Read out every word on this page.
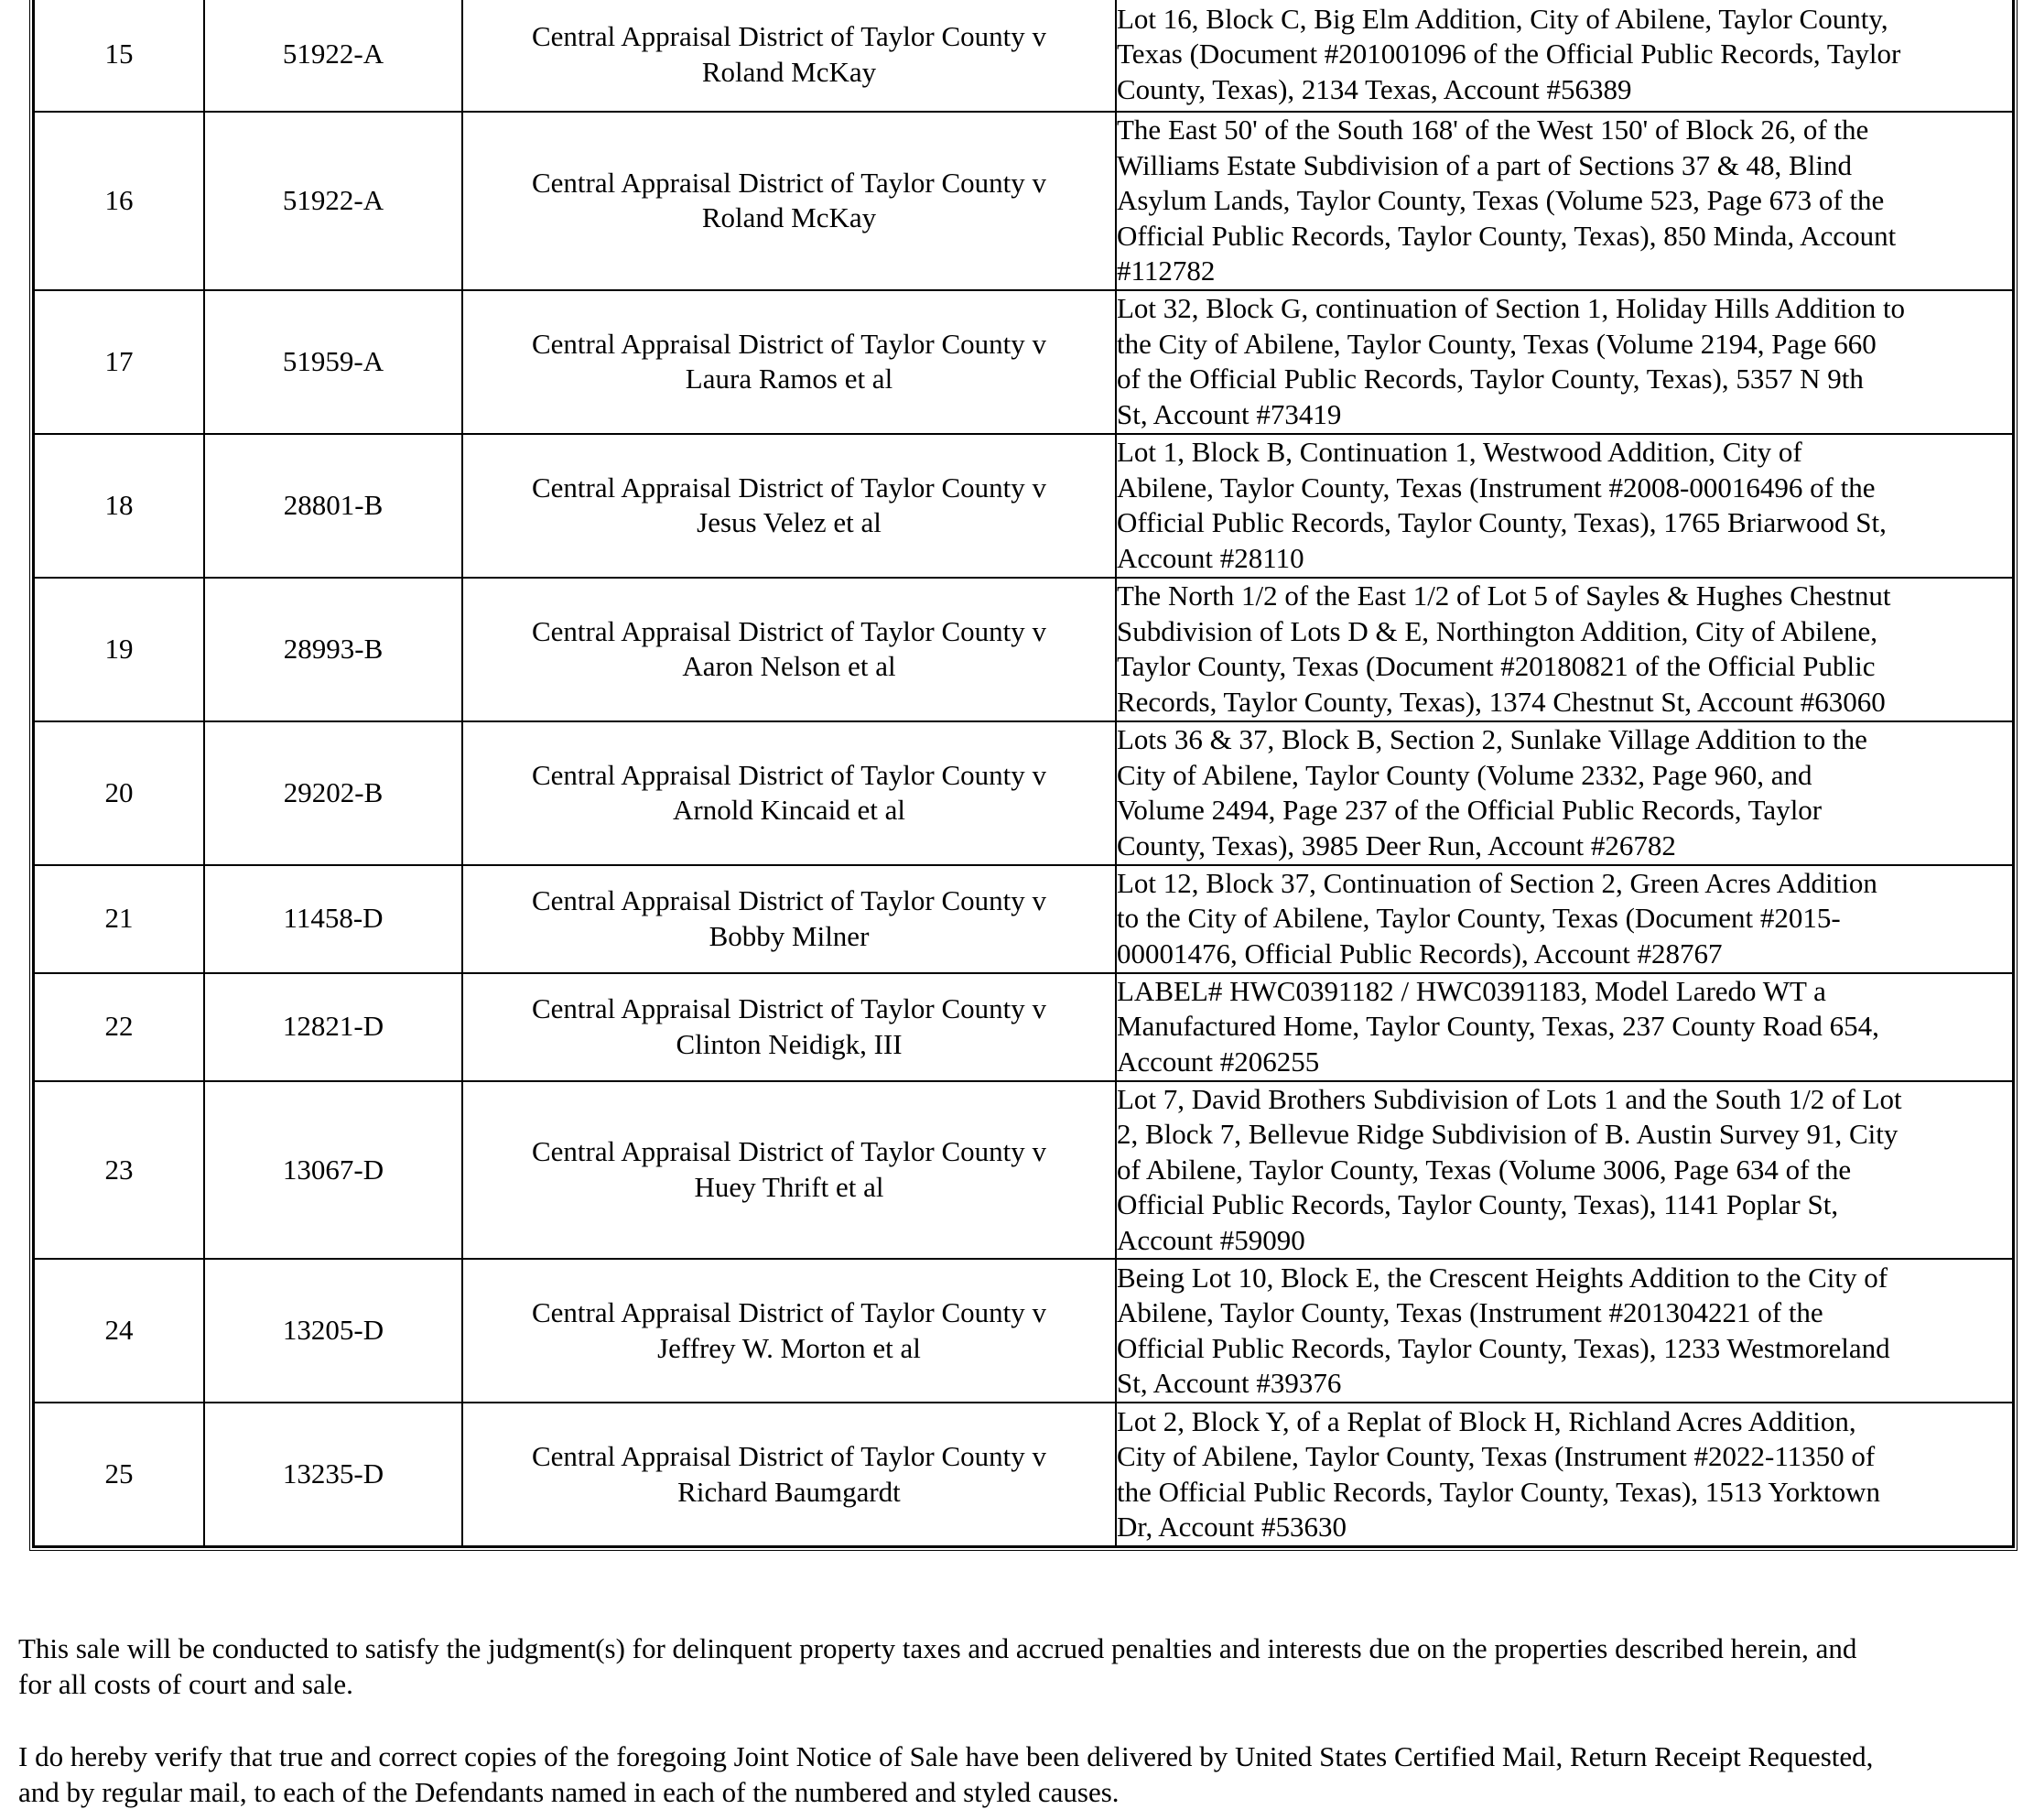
15	51922-A	Central Appraisal District of Taylor County v
Roland McKay	Lot 16, Block C, Big Elm Addition, City of Abilene, Taylor County,
Texas (Document #201001096 of the Official Public Records, Taylor
County, Texas), 2134 Texas, Account #56389
16	51922-A	Central Appraisal District of Taylor County v
Roland McKay	The East 50' of the South 168' of the West 150' of Block 26, of the
Williams Estate Subdivision of a part of Sections 37 & 48, Blind
Asylum Lands, Taylor County, Texas (Volume 523, Page 673 of the
Official Public Records, Taylor County, Texas), 850 Minda, Account
#112782
17	51959-A	Central Appraisal District of Taylor County v
Laura Ramos et al	Lot 32, Block G, continuation of Section 1, Holiday Hills Addition to
the City of Abilene, Taylor County, Texas (Volume 2194, Page 660
of the Official Public Records, Taylor County, Texas), 5357 N 9th
St, Account #73419
18	28801-B	Central Appraisal District of Taylor County v
Jesus Velez et al	Lot 1, Block B, Continuation 1, Westwood Addition, City of
Abilene, Taylor County, Texas (Instrument #2008-00016496 of the
Official Public Records, Taylor County, Texas), 1765 Briarwood St,
Account #28110
19	28993-B	Central Appraisal District of Taylor County v
Aaron Nelson et al	The North 1/2 of the East 1/2 of Lot 5 of Sayles & Hughes Chestnut
Subdivision of Lots D & E, Northington Addition, City of Abilene,
Taylor County, Texas (Document #20180821 of the Official Public
Records, Taylor County, Texas), 1374 Chestnut St, Account #63060
20	29202-B	Central Appraisal District of Taylor County v
Arnold Kincaid et al	Lots 36 & 37, Block B, Section 2, Sunlake Village Addition to the
City of Abilene, Taylor County (Volume 2332, Page 960, and
Volume 2494, Page 237 of the Official Public Records, Taylor
County, Texas), 3985 Deer Run, Account #26782
21	11458-D	Central Appraisal District of Taylor County v
Bobby Milner	Lot 12, Block 37, Continuation of Section 2, Green Acres Addition
to the City of Abilene, Taylor County, Texas (Document #2015-
00001476, Official Public Records), Account #28767
22	12821-D	Central Appraisal District of Taylor County v
Clinton Neidigk, III	LABEL# HWC0391182 / HWC0391183, Model Laredo WT a
Manufactured Home, Taylor County, Texas, 237 County Road 654,
Account #206255
23	13067-D	Central Appraisal District of Taylor County v
Huey Thrift et al	Lot 7, David Brothers Subdivision of Lots 1 and the South 1/2 of Lot
2, Block 7, Bellevue Ridge Subdivision of B. Austin Survey 91, City
of Abilene, Taylor County, Texas (Volume 3006, Page 634 of the
Official Public Records, Taylor County, Texas), 1141 Poplar St,
Account #59090
24	13205-D	Central Appraisal District of Taylor County v
Jeffrey W. Morton et al	Being Lot 10, Block E, the Crescent Heights Addition to the City of
Abilene, Taylor County, Texas (Instrument #201304221 of the
Official Public Records, Taylor County, Texas), 1233 Westmoreland
St, Account #39376
25	13235-D	Central Appraisal District of Taylor County v
Richard Baumgardt	Lot 2, Block Y, of a Replat of Block H, Richland Acres Addition,
City of Abilene, Taylor County, Texas (Instrument #2022-11350 of
the Official Public Records, Taylor County, Texas), 1513 Yorktown
Dr, Account #53630

This sale will be conducted to satisfy the judgment(s) for delinquent property taxes and accrued penalties and interests due on the properties described herein, and
for all costs of court and sale.

I do hereby verify that true and correct copies of the foregoing Joint Notice of Sale have been delivered by United States Certified Mail, Return Receipt Requested,
and by regular mail, to each of the Defendants named in each of the numbered and styled causes.
